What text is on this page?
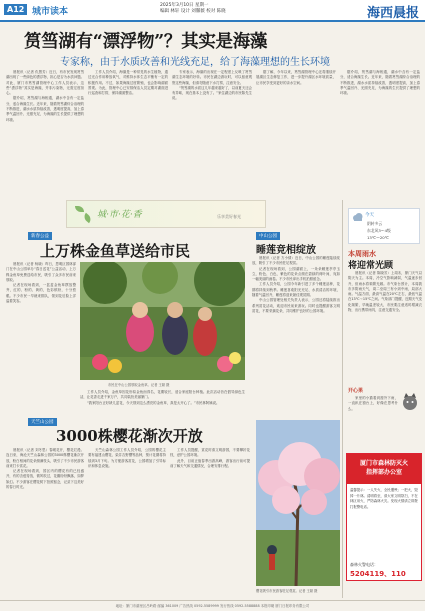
A12 城市读本
2025年3月10日 星期一
编辑 林轩 设计 刘馨薇 校对 陈晓	海西晨报
筼筜湖有“漂浮物”？其实是海藻
专家称，由于水质改善和光线充足，给了海藻理想的生长环境

晨报讯（记者 仇慧芳）近日，有市民发现筼筜湖出现了一些绿色的漂浮物，担心是否为水质问题。对此，厦门市筼筜湖管理中心工作人员表示，这些“漂浮物”其实是海藻，并非污染物，无需过度担心。

据介绍，筼筜湖与海相通，湖水中含有一定盐分，适合海藻生长。近年来，随着筼筜湖综合治理的不断推进，湖水水质持续改善，透明度提高，加上春季气温回升、光照充足，为海藻的生长提供了理想的环境。

工作人员介绍，海藻是一种常见的水生植物，通过光合作用释放氧气，对维持水体生态平衡有一定的积极作用。不过，如果海藻过度繁殖，也会影响湖面景观。为此，管理中心已安排保洁人员定期对湖面进行巡查和打捞，保持湖面整洁。

专家表示，海藻的出现在一定程度上反映了筼筜湖生态环境的好转。市民在湖边游玩时，可以留意观察这些海藻，但请勿随意下水打捞，注意安全。

“筼筜湖的水质这几年越来越好了，以前夏天还会有异味，现在基本上没有了。”家住湖边的市民陈先生说。

据了解，今年以来，筼筜湖管理中心还将继续开展湖区生态修复工作，进一步提升湖区水环境质量，让市民享受到更好的亲水空间。

据介绍，筼筜湖与海相通，湖水中含有一定盐分，适合海藻生长。近年来，随着筼筜湖综合治理的不断推进，湖水水质持续改善，透明度提高，加上春季气温回升、光照充足，为海藻的生长提供了理想的环境。

城·市·花·香	乐享美好春光
新春公益
上万株金鱼草送给市民

晨报讯（记者 杨晓）昨日，思明区园林部门在中山公园举办“春日送花”公益活动，上万株金鱼草免费送给市民，吸引了众多市民前来领取。

记者在现场看到，一盆盆金鱼草摆放整齐，红的、粉的、黄的，色彩缤纷，十分惹眼。不少市民一早就来排队，领到花后脸上洋溢着笑容。

市民在中山公园领取金鱼草。记者 王颖 摄

工作人员介绍，金鱼草因花形似金鱼而得名，花期较长，适合家庭阳台种植。此次活动旨在倡导绿色生活，让花香走进千家万户，共同装扮美丽厦门。

“我家阳台正好缺几盆花，今天领到这么漂亮的金鱼草，真是太开心了。”市民林阿姨说。

中山公园
睡莲竞相绽放

晨报讯（记者 方小倩）近日，中山公园的睡莲陆续绽放，吸引了不少市民驻足观赏。

记者在现场看到，公园湖面上，一朵朵睡莲亭亭玉立，粉色、白色、紫色的花朵点缀在碧绿的荷叶间，宛如一幅美丽的画卷。不少市民拿出手机拍照留念。

工作人员介绍，公园今年新引进了多个睡莲品种，花期将持续到秋季。睡莲喜欢阳光充足、水质清洁的环境，随着气温回升，睡莲将迎来最佳观赏期。

中山公园管理处相关负责人表示，公园还将陆续推出系列赏花活动，欢迎市民前来游玩。同时也提醒游客文明赏花，不要采摘花朵，共同维护良好的公园环境。

天竺山公园
3000株樱花渐次开放

晨报讯（记者 刘冬思）春暖花开，樱花烂漫。连日来，海沧天竺山森林公园的3000株樱花渐次开放，粉白相间的花朵缀满枝头，吸引了不少市民游客前来打卡赏花。

记者在现场看到，园区内的樱花有的已经盛开，有的含苞待放，微风吹过，花瓣纷纷飘落，如梦如幻。不少游客在樱花树下拍照留念，记录下这美好的春日时光。

天竺山森林公园工作人员介绍，公园的樱花主要有福建山樱花、染井吉野樱等品种，预计花期将持续到3月下旬。为方便游客赏花，公园增加了引导标识和休息设施。

工作人员提醒，赏花时请文明游园，不要攀折花枝，爱护公园环境。

此外，目前正值春季出游高峰，游客出行前可提前了解天气和交通情况，合理安排行程。

樱花吸引市民游客驻足观赏。记者 王颖 摄
今天
阴转多云
东北风3～4级
13℃～20℃
本周雨水
将迎常光顾

晨报讯（记者 陈晓芳）上周末，厦门天气以阴天为主。本周，冷空气影响减弱，气温逐步回升，但雨水将频繁光顾。市气象台预计，本周我市多阴雨天气，周二至周三有小到中雨，局部大雨。气温方面，最高气温在20℃左右，最低气温在13℃～15℃之间。气象部门提醒，近期天气变化频繁，早晚温差较大，市民要注意适时增减衣物，出行携带雨具，注意交通安全。

开心果

家里的小猫看到窗外下雨，一直趴在窗台上，好像在思考什么。

厦门市森林防灭火
指挥部办公室
温馨提示：一人失火，全民遭殃；一把火，毁掉一片林。清明将至，请大家文明祭扫，不在林区用火，严防森林火灾。发现火情请立即拨打报警电话。
森林火警电话：
5204119、110
地址：厦门市湖里区吕岭路 邮编 361009 广告热线 0592-5589999 发行热线 0592-5588888 本报印刷 厦门日报印务有限公司
